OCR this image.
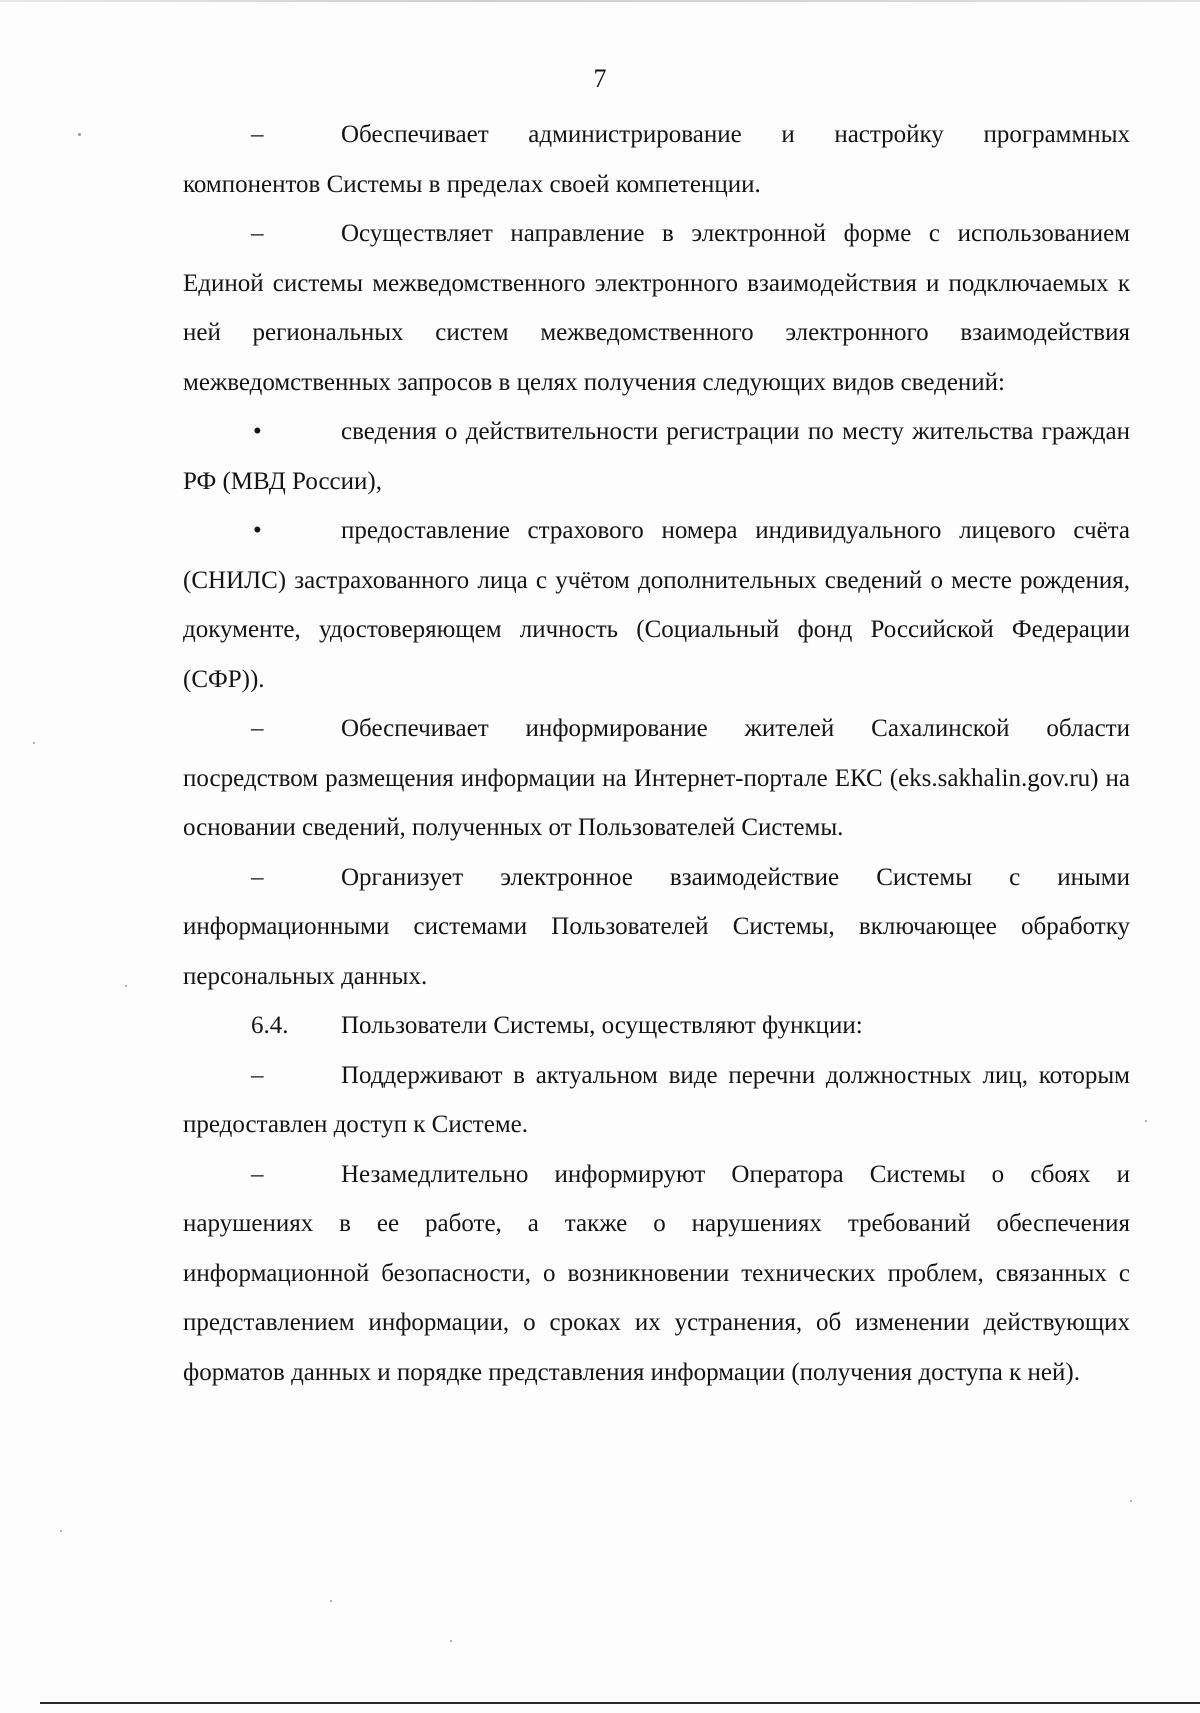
7

–	Обеспечивает администрирование и настройку программных компонентов Системы в пределах своей компетенции.

–	Осуществляет направление в электронной форме с использованием Единой системы межведомственного электронного взаимодействия и подключаемых к ней региональных систем межведомственного электронного взаимодействия межведомственных запросов в целях получения следующих видов сведений:

•	сведения о действительности регистрации по месту жительства граждан РФ (МВД России),

•	предоставление страхового номера индивидуального лицевого счёта (СНИЛС) застрахованного лица с учётом дополнительных сведений о месте рождения, документе, удостоверяющем личность (Социальный фонд Российской Федерации (СФР)).

–	Обеспечивает информирование жителей Сахалинской области посредством размещения информации на Интернет-портале ЕКС (eks.sakhalin.gov.ru) на основании сведений, полученных от Пользователей Системы.

–	Организует электронное взаимодействие Системы с иными информационными системами Пользователей Системы, включающее обработку персональных данных.

6.4. Пользователи Системы, осуществляют функции:

–	Поддерживают в актуальном виде перечни должностных лиц, которым предоставлен доступ к Системе.

–	Незамедлительно информируют Оператора Системы о сбоях и нарушениях в ее работе, а также о нарушениях требований обеспечения информационной безопасности, о возникновении технических проблем, связанных с представлением информации, о сроках их устранения, об изменении действующих форматов данных и порядке представления информации (получения доступа к ней).
